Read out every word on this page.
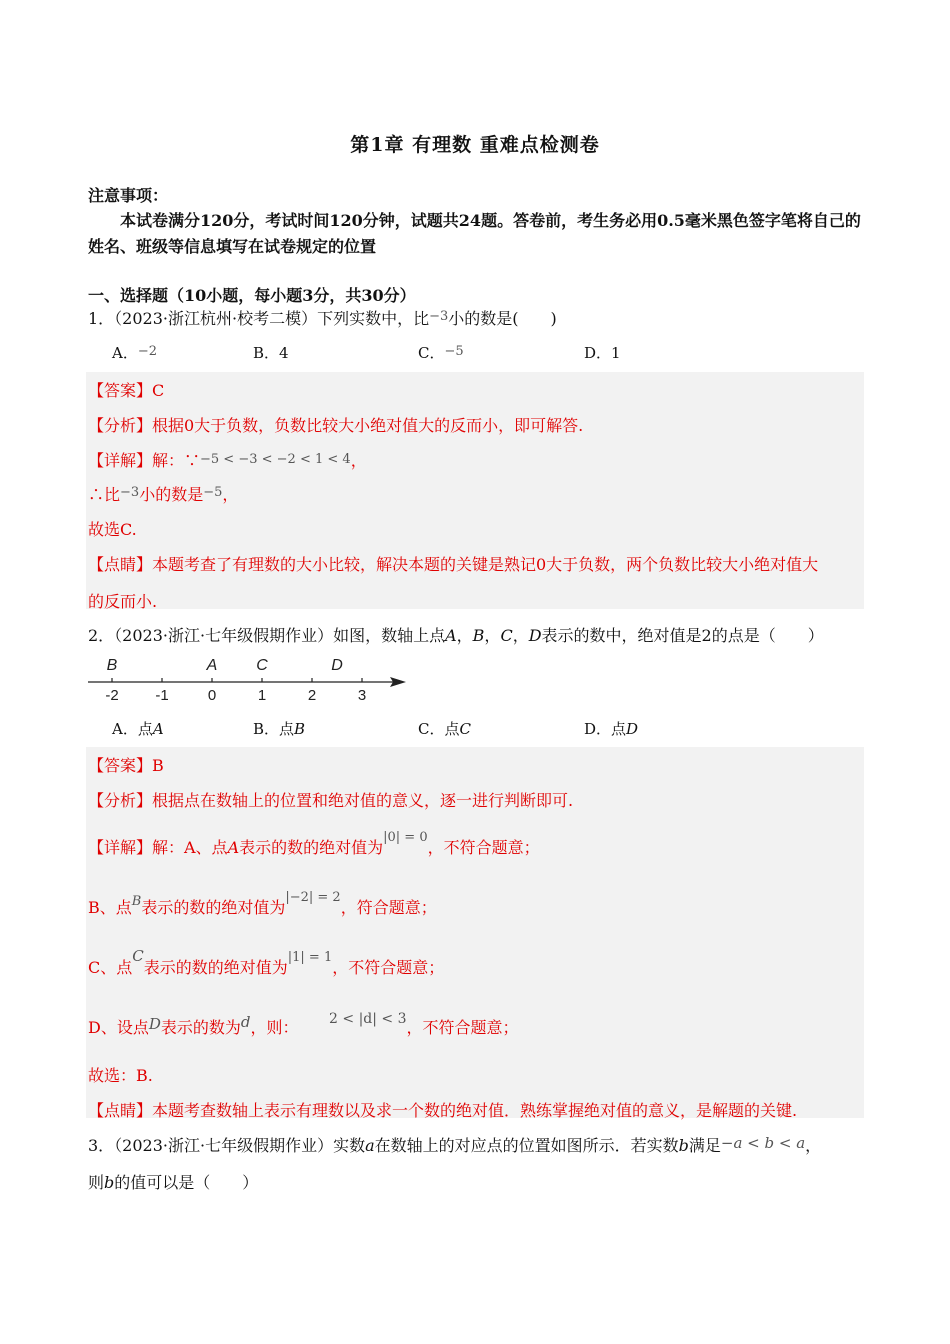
第1章 有理数 重难点检测卷
注意事项：
本试卷满分120分，考试时间120分钟，试题共24题。答卷前，考生务必用0.5毫米黑色签字笔将自己的姓名、班级等信息填写在试卷规定的位置
一、选择题（10小题，每小题3分，共30分）
1．（2023·浙江杭州·校考二模）下列实数中，比$^{-3}$小的数是(　　)
A．−2	B．4	C．−5	D．1
【答案】C
【分析】根据0大于负数，负数比较大小绝对值大的反而小，即可解答.
【详解】解：∵−5 < −3 < −2 < 1 < 4，
∴比$^{-3}$小的数是$^{-5}$，
故选C.
【点睛】本题考查了有理数的大小比较，解决本题的关键是熟记0大于负数，两个负数比较大小绝对值大
的反而小.
2．（2023·浙江·七年级假期作业）如图，数轴上点A，B，C，D表示的数中，绝对值是2的点是（　　）
-2 -1	0	1	2	3
B	A C	D
A．点A	B．点B	C．点C	D．点D
【答案】B
【分析】根据点在数轴上的位置和绝对值的意义，逐一进行判断即可.
【详解】解：A、点A表示的数的绝对值为$^{|0| = 0}$，不符合题意；
B、点$^B$表示的数的绝对值为$^{|-2| = 2}$，符合题意；
C、点C表示的数的绝对值为$^{|1| = 1}$，不符合题意；
D、设点D表示的数为d，则： 2 < |d| < 3，不符合题意；
故选：B.
【点睛】本题考查数轴上表示有理数以及求一个数的绝对值．熟练掌握绝对值的意义，是解题的关键.
3．（2023·浙江·七年级假期作业）实数a在数轴上的对应点的位置如图所示．若实数b满足−a < b < a，
则b的值可以是（　　）
